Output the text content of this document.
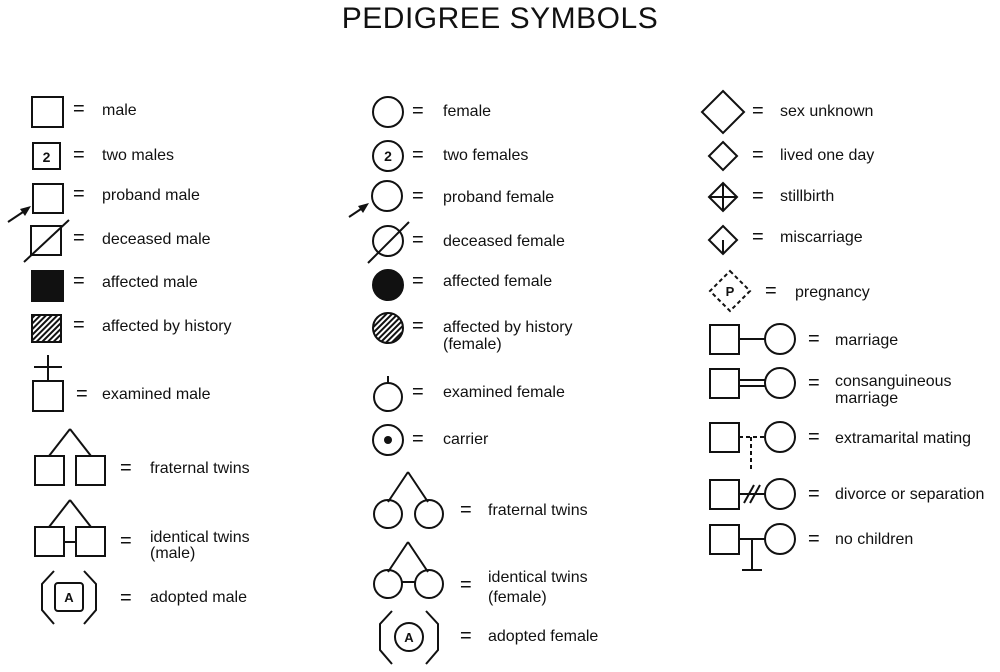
PEDIGREE SYMBOLS
= male
2 = two males
= proband male
= deceased male
= affected male
= affected by history
= examined male
= fraternal twins
= identical twins
(male)
A = adopted male
= female
2 = two females
= proband female
= deceased female
= affected female
= affected by history
(female)
= examined female
= carrier
= fraternal twins
= identical twins
(female)
A = adopted female
= sex unknown
= lived one day
= stillbirth
= miscarriage
P = pregnancy
= marriage
= consanguineous
marriage
= extramarital mating
= divorce or separation
= no children
